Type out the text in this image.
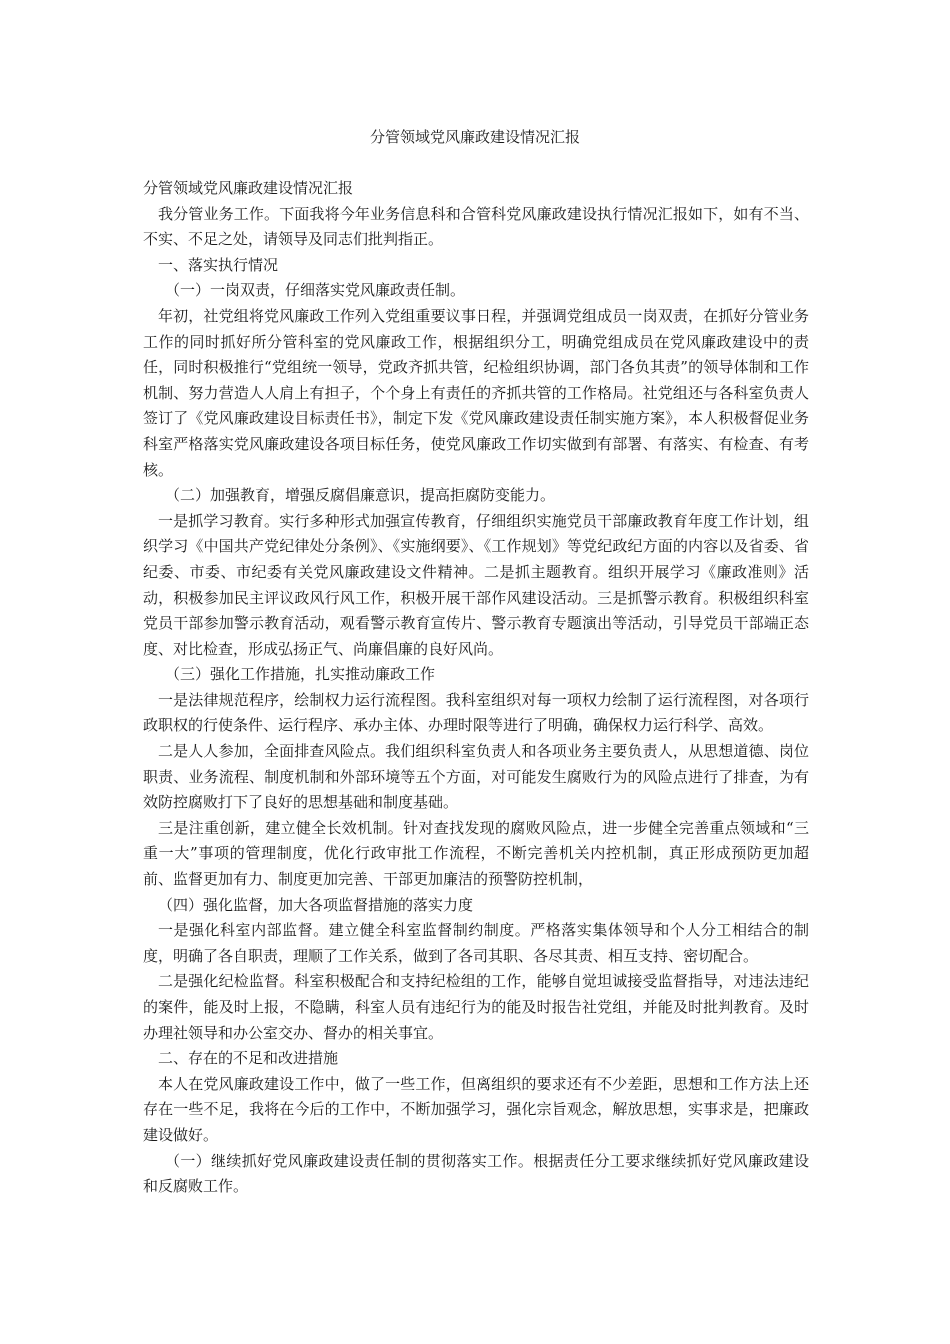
分管领域党风廉政建设情况汇报

分管领域党风廉政建设情况汇报

我分管业务工作。下面我将今年业务信息科和合管科党风廉政建设执行情况汇报如下，如有不当、不实、不足之处，请领导及同志们批判指正。

一、落实执行情况

（一）一岗双责，仔细落实党风廉政责任制。

年初，社党组将党风廉政工作列入党组重要议事日程，并强调党组成员一岗双责，在抓好分管业务工作的同时抓好所分管科室的党风廉政工作，根据组织分工，明确党组成员在党风廉政建设中的责任，同时积极推行“党组统一领导，党政齐抓共管，纪检组织协调，部门各负其责”的领导体制和工作机制、努力营造人人肩上有担子，个个身上有责任的齐抓共管的工作格局。社党组还与各科室负责人签订了《党风廉政建设目标责任书》，制定下发《党风廉政建设责任制实施方案》，本人积极督促业务科室严格落实党风廉政建设各项目标任务，使党风廉政工作切实做到有部署、有落实、有检查、有考核。

（二）加强教育，增强反腐倡廉意识，提高拒腐防变能力。

一是抓学习教育。实行多种形式加强宣传教育，仔细组织实施党员干部廉政教育年度工作计划，组织学习《中国共产党纪律处分条例》、《实施纲要》、《工作规划》等党纪政纪方面的内容以及省委、省纪委、市委、市纪委有关党风廉政建设文件精神。二是抓主题教育。组织开展学习《廉政准则》活动，积极参加民主评议政风行风工作，积极开展干部作风建设活动。三是抓警示教育。积极组织科室党员干部参加警示教育活动，观看警示教育宣传片、警示教育专题演出等活动，引导党员干部端正态度、对比检查，形成弘扬正气、尚廉倡廉的良好风尚。

（三）强化工作措施，扎实推动廉政工作

一是法律规范程序，绘制权力运行流程图。我科室组织对每一项权力绘制了运行流程图，对各项行政职权的行使条件、运行程序、承办主体、办理时限等进行了明确，确保权力运行科学、高效。

二是人人参加，全面排查风险点。我们组织科室负责人和各项业务主要负责人，从思想道德、岗位职责、业务流程、制度机制和外部环境等五个方面，对可能发生腐败行为的风险点进行了排查，为有效防控腐败打下了良好的思想基础和制度基础。

三是注重创新，建立健全长效机制。针对查找发现的腐败风险点，进一步健全完善重点领域和“三重一大”事项的管理制度，优化行政审批工作流程，不断完善机关内控机制，真正形成预防更加超前、监督更加有力、制度更加完善、干部更加廉洁的预警防控机制，

（四）强化监督，加大各项监督措施的落实力度

一是强化科室内部监督。建立健全科室监督制约制度。严格落实集体领导和个人分工相结合的制度，明确了各自职责，理顺了工作关系，做到了各司其职、各尽其责、相互支持、密切配合。

二是强化纪检监督。科室积极配合和支持纪检组的工作，能够自觉坦诚接受监督指导，对违法违纪的案件，能及时上报，不隐瞒，科室人员有违纪行为的能及时报告社党组，并能及时批判教育。及时办理社领导和办公室交办、督办的相关事宜。

二、存在的不足和改进措施

本人在党风廉政建设工作中，做了一些工作，但离组织的要求还有不少差距，思想和工作方法上还存在一些不足，我将在今后的工作中，不断加强学习，强化宗旨观念，解放思想，实事求是，把廉政建设做好。

（一）继续抓好党风廉政建设责任制的贯彻落实工作。根据责任分工要求继续抓好党风廉政建设和反腐败工作。
